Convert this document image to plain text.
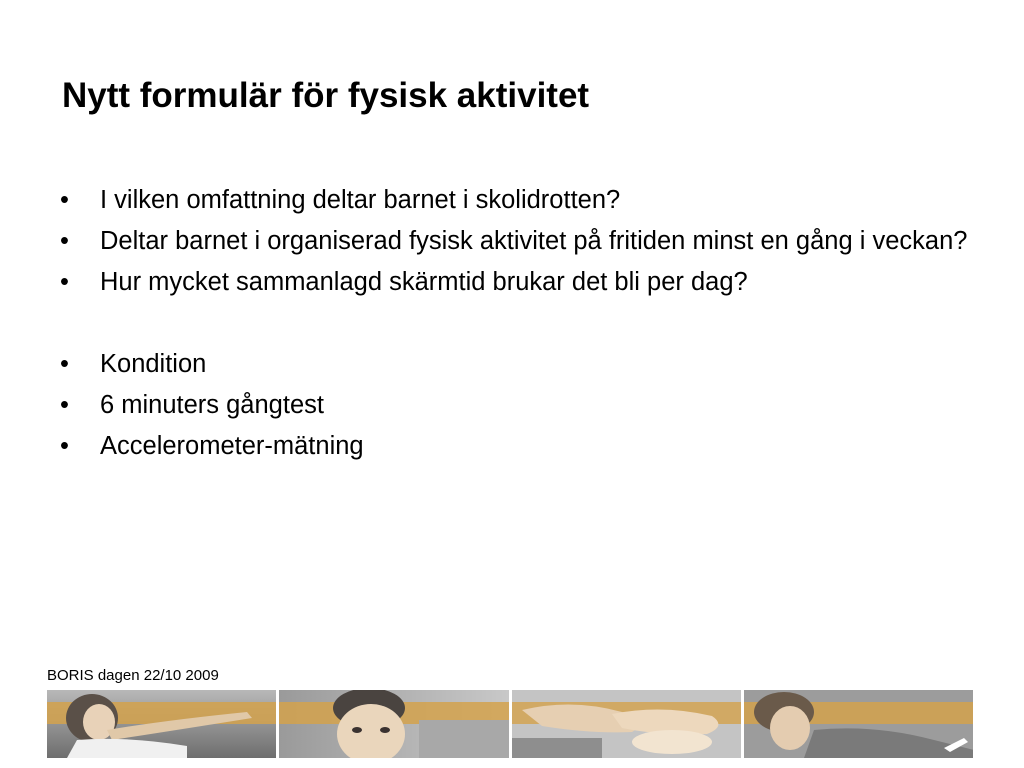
Nytt formulär för fysisk aktivitet
•	I vilken omfattning deltar barnet i skolidrotten?
•	Deltar barnet i organiserad fysisk aktivitet på fritiden minst en gång i veckan?
•	Hur mycket sammanlagd skärmtid brukar det bli per dag?
•	Kondition
•	6 minuters gångtest
•	Accelerometer-mätning
BORIS dagen 22/10 2009
